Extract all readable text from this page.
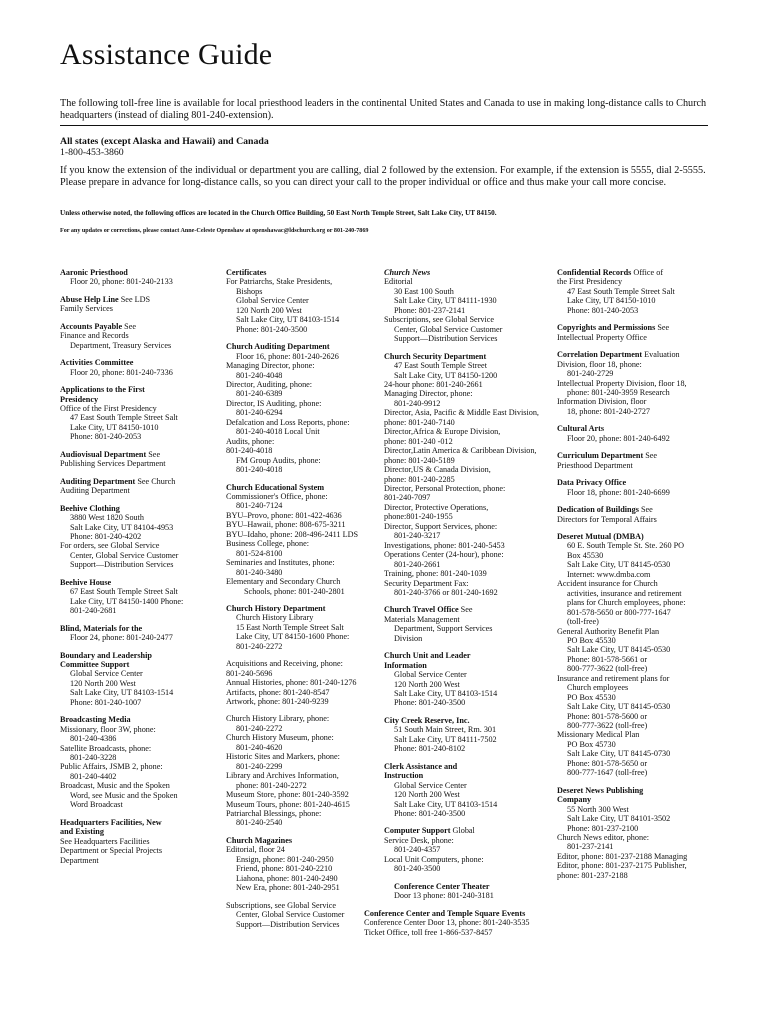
Assistance Guide

The following toll-free line is available for local priesthood leaders in the continental United States and Canada to use in making long-distance calls to Church headquarters (instead of dialing 801-240-extension).

All states (except Alaska and Hawaii) and Canada
1-800-453-3860

If you know the extension of the individual or department you are calling, dial 2 followed by the extension. For example, if the extension is 5555, dial 2-5555. Please prepare in advance for long-distance calls, so you can direct your call to the proper individual or office and thus make your call more concise.

Unless otherwise noted, the following offices are located in the Church Office Building, 50 East North Temple Street, Salt Lake City, UT 84150.

For any updates or corrections, please contact Anne-Celeste Openshaw at openshawac@ldschurch.org or 801-240-7869

Aaronic Priesthood
Floor 20, phone: 801-240-2133
Abuse Help Line See LDS
Family Services
Accounts Payable See
Finance and Records
Department, Treasury Services
Activities Committee
Floor 20, phone: 801-240-7336
Applications to the First
Presidency
Office of the First Presidency
47 East South Temple Street Salt
Lake City, UT 84150-1010
Phone: 801-240-2053
Audiovisual Department See
Publishing Services Department
Auditing Department See Church
Auditing Department
Beehive Clothing
3880 West 1820 South
Salt Lake City, UT 84104-4953
Phone: 801-240-4202
For orders, see Global Service
Center, Global Service Customer
Support—Distribution Services
Beehive House
67 East South Temple Street Salt
Lake City, UT 84150-1400 Phone:
801-240-2681
Blind, Materials for the
Floor 24, phone: 801-240-2477
Boundary and Leadership
Committee Support
Global Service Center
120 North 200 West
Salt Lake City, UT 84103-1514
Phone: 801-240-1007
Broadcasting Media
Missionary, floor 3W, phone:
801-240-4386
Satellite Broadcasts, phone:
801-240-3228
Public Affairs, JSMB 2, phone:
801-240-4402
Broadcast, Music and the Spoken
Word, see Music and the Spoken
Word Broadcast
Headquarters Facilities, New
and Existing
See Headquarters Facilities
Department or Special Projects
Department
Certificates
For Patriarchs, Stake Presidents,
Bishops
Global Service Center
120 North 200 West
Salt Lake City, UT 84103-1514
Phone: 801-240-3500
Church Auditing Department
Floor 16, phone: 801-240-2626
Managing Director, phone:
801-240-4048
Director, Auditing, phone:
801-240-6389
Director, IS Auditing, phone:
801-240-6294
Defalcation and Loss Reports, phone:
801-240-4018 Local Unit
Audits, phone:
801-240-4018
FM Group Audits, phone:
801-240-4018
Church Educational System
Commissioner's Office, phone:
801-240-7124
BYU–Provo, phone: 801-422-4636
BYU–Hawaii, phone: 808-675-3211
BYU–Idaho, phone: 208-496-2411 LDS
Business College, phone:
801-524-8100
Seminaries and Institutes, phone:
801-240-3480
Elementary and Secondary Church
Schools, phone: 801-240-2801
Church History Department
Church History Library
15 East North Temple Street Salt
Lake City, UT 84150-1600 Phone:
801-240-2272
Acquisitions and Receiving, phone:
801-240-5696
Annual Histories, phone: 801-240-1276
Artifacts, phone: 801-240-8547
Artwork, phone: 801-240-9239
Church History Library, phone:
801-240-2272
Church History Museum, phone:
801-240-4620
Historic Sites and Markers, phone:
801-240-2299
Library and Archives Information,
phone: 801-240-2272
Museum Store, phone: 801-240-3592
Museum Tours, phone: 801-240-4615
Patriarchal Blessings, phone:
801-240-2540
Church Magazines
Editorial, floor 24
Ensign, phone: 801-240-2950
Friend, phone: 801-240-2210
Liahona, phone: 801-240-2490
New Era, phone: 801-240-2951
Subscriptions, see Global Service
Center, Global Service Customer
Support—Distribution Services
Church News
Editorial
30 East 100 South
Salt Lake City, UT 84111-1930
Phone: 801-237-2141
Subscriptions, see Global Service
Center, Global Service Customer
Support—Distribution Services
Church Security Department
47 East South Temple Street
Salt Lake City, UT 84150-1200
24-hour phone: 801-240-2661
Managing Director, phone:
801-240-9912
Director, Asia, Pacific & Middle East Division,
phone: 801-240-7140
Director,Africa & Europe Division,
phone: 801-240 -012
Director,Latin America & Caribbean Division,
phone: 801-240-5189
Director,US & Canada Division,
phone: 801-240-2285
Director, Personal Protection, phone:
801-240-7097
Director, Protective Operations,
phone:801-240-1955
Director, Support Services, phone:
801-240-3217
Investigations, phone: 801-240-5453
Operations Center (24-hour), phone:
801-240-2661
Training, phone: 801-240-1039
Security Department Fax:
801-240-3766 or 801-240-1692
Church Travel Office See
Materials Management
Department, Support Services
Division
Church Unit and Leader
Information
Global Service Center
120 North 200 West
Salt Lake City, UT 84103-1514
Phone: 801-240-3500
City Creek Reserve, Inc.
51 South Main Street, Rm. 301
Salt Lake City, UT 84111-7502
Phone: 801-240-8102
Clerk Assistance and
Instruction
Global Service Center
120 North 200 West
Salt Lake City, UT 84103-1514
Phone: 801-240-3500
Computer Support Global
Service Desk, phone:
801-240-4357
Local Unit Computers, phone:
801-240-3500
Conference Center Theater
Door 13 phone: 801-240-3181
Conference Center and Temple Square Events
Conference Center Door 13, phone: 801-240-3535
Ticket Office, toll free 1-866-537-8457
Confidential Records Office of
the First Presidency
47 East South Temple Street Salt
Lake City, UT 84150-1010
Phone: 801-240-2053
Copyrights and Permissions See
Intellectual Property Office
Correlation Department Evaluation
Division, floor 18, phone:
801-240-2729
Intellectual Property Division, floor 18,
phone: 801-240-3959 Research
Information Division, floor
18, phone: 801-240-2727
Cultural Arts
Floor 20, phone: 801-240-6492
Curriculum Department See
Priesthood Department
Data Privacy Office
Floor 18, phone: 801-240-6699
Dedication of Buildings See
Directors for Temporal Affairs
Deseret Mutual (DMBA)
60 E. South Temple St. Ste. 260 PO
Box 45530
Salt Lake City, UT 84145-0530
Internet: www.dmba.com
Accident insurance for Church
activities, insurance and retirement
plans for Church employees, phone:
801-578-5650 or 800-777-1647
(toll-free)
General Authority Benefit Plan
PO Box 45530
Salt Lake City, UT 84145-0530
Phone: 801-578-5661 or
800-777-3622 (toll-free)
Insurance and retirement plans for
Church employees
PO Box 45530
Salt Lake City, UT 84145-0530
Phone: 801-578-5600 or
800-777-3622 (toll-free)
Missionary Medical Plan
PO Box 45730
Salt Lake City, UT 84145-0730
Phone: 801-578-5650 or
800-777-1647 (toll-free)
Deseret News Publishing
Company
55 North 300 West
Salt Lake City, UT 84101-3502
Phone: 801-237-2100
Church News editor, phone:
801-237-2141
Editor, phone: 801-237-2188 Managing
Editor, phone: 801-237-2175 Publisher,
phone: 801-237-2188
